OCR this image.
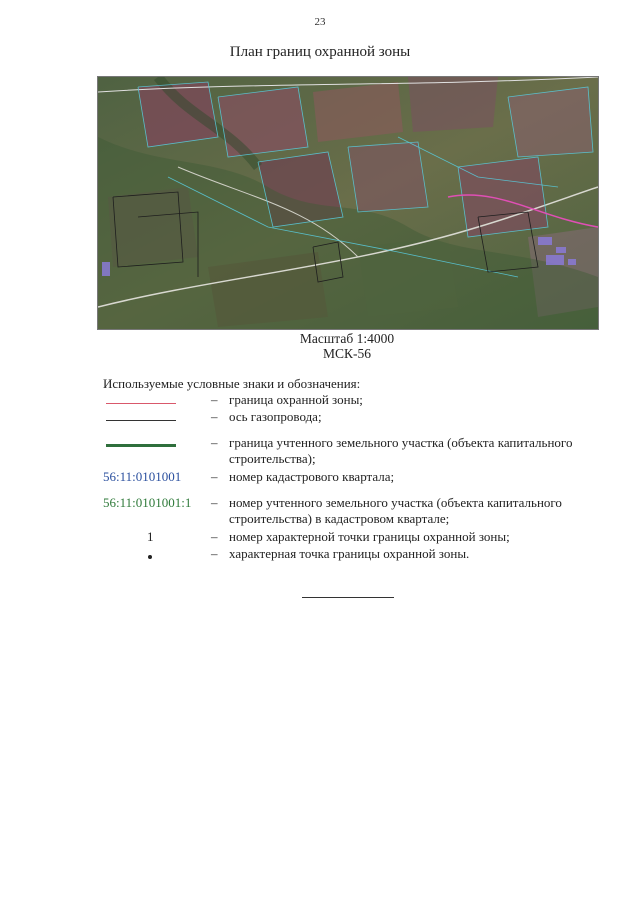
23
План границ охранной зоны
Масштаб 1:4000
МСК-56
Используемые условные знаки и обозначения:
– граница охранной зоны;
– ось газопровода;
– граница учтенного земельного участка (объекта капитального строительства);
56:11:0101001	– номер кадастрового квартала;
56:11:0101001:1	– номер учтенного земельного участка (объекта капитального строительства) в кадастровом квартале;
1	– номер характерной точки границы охранной зоны;
– характерная точка границы охранной зоны.
